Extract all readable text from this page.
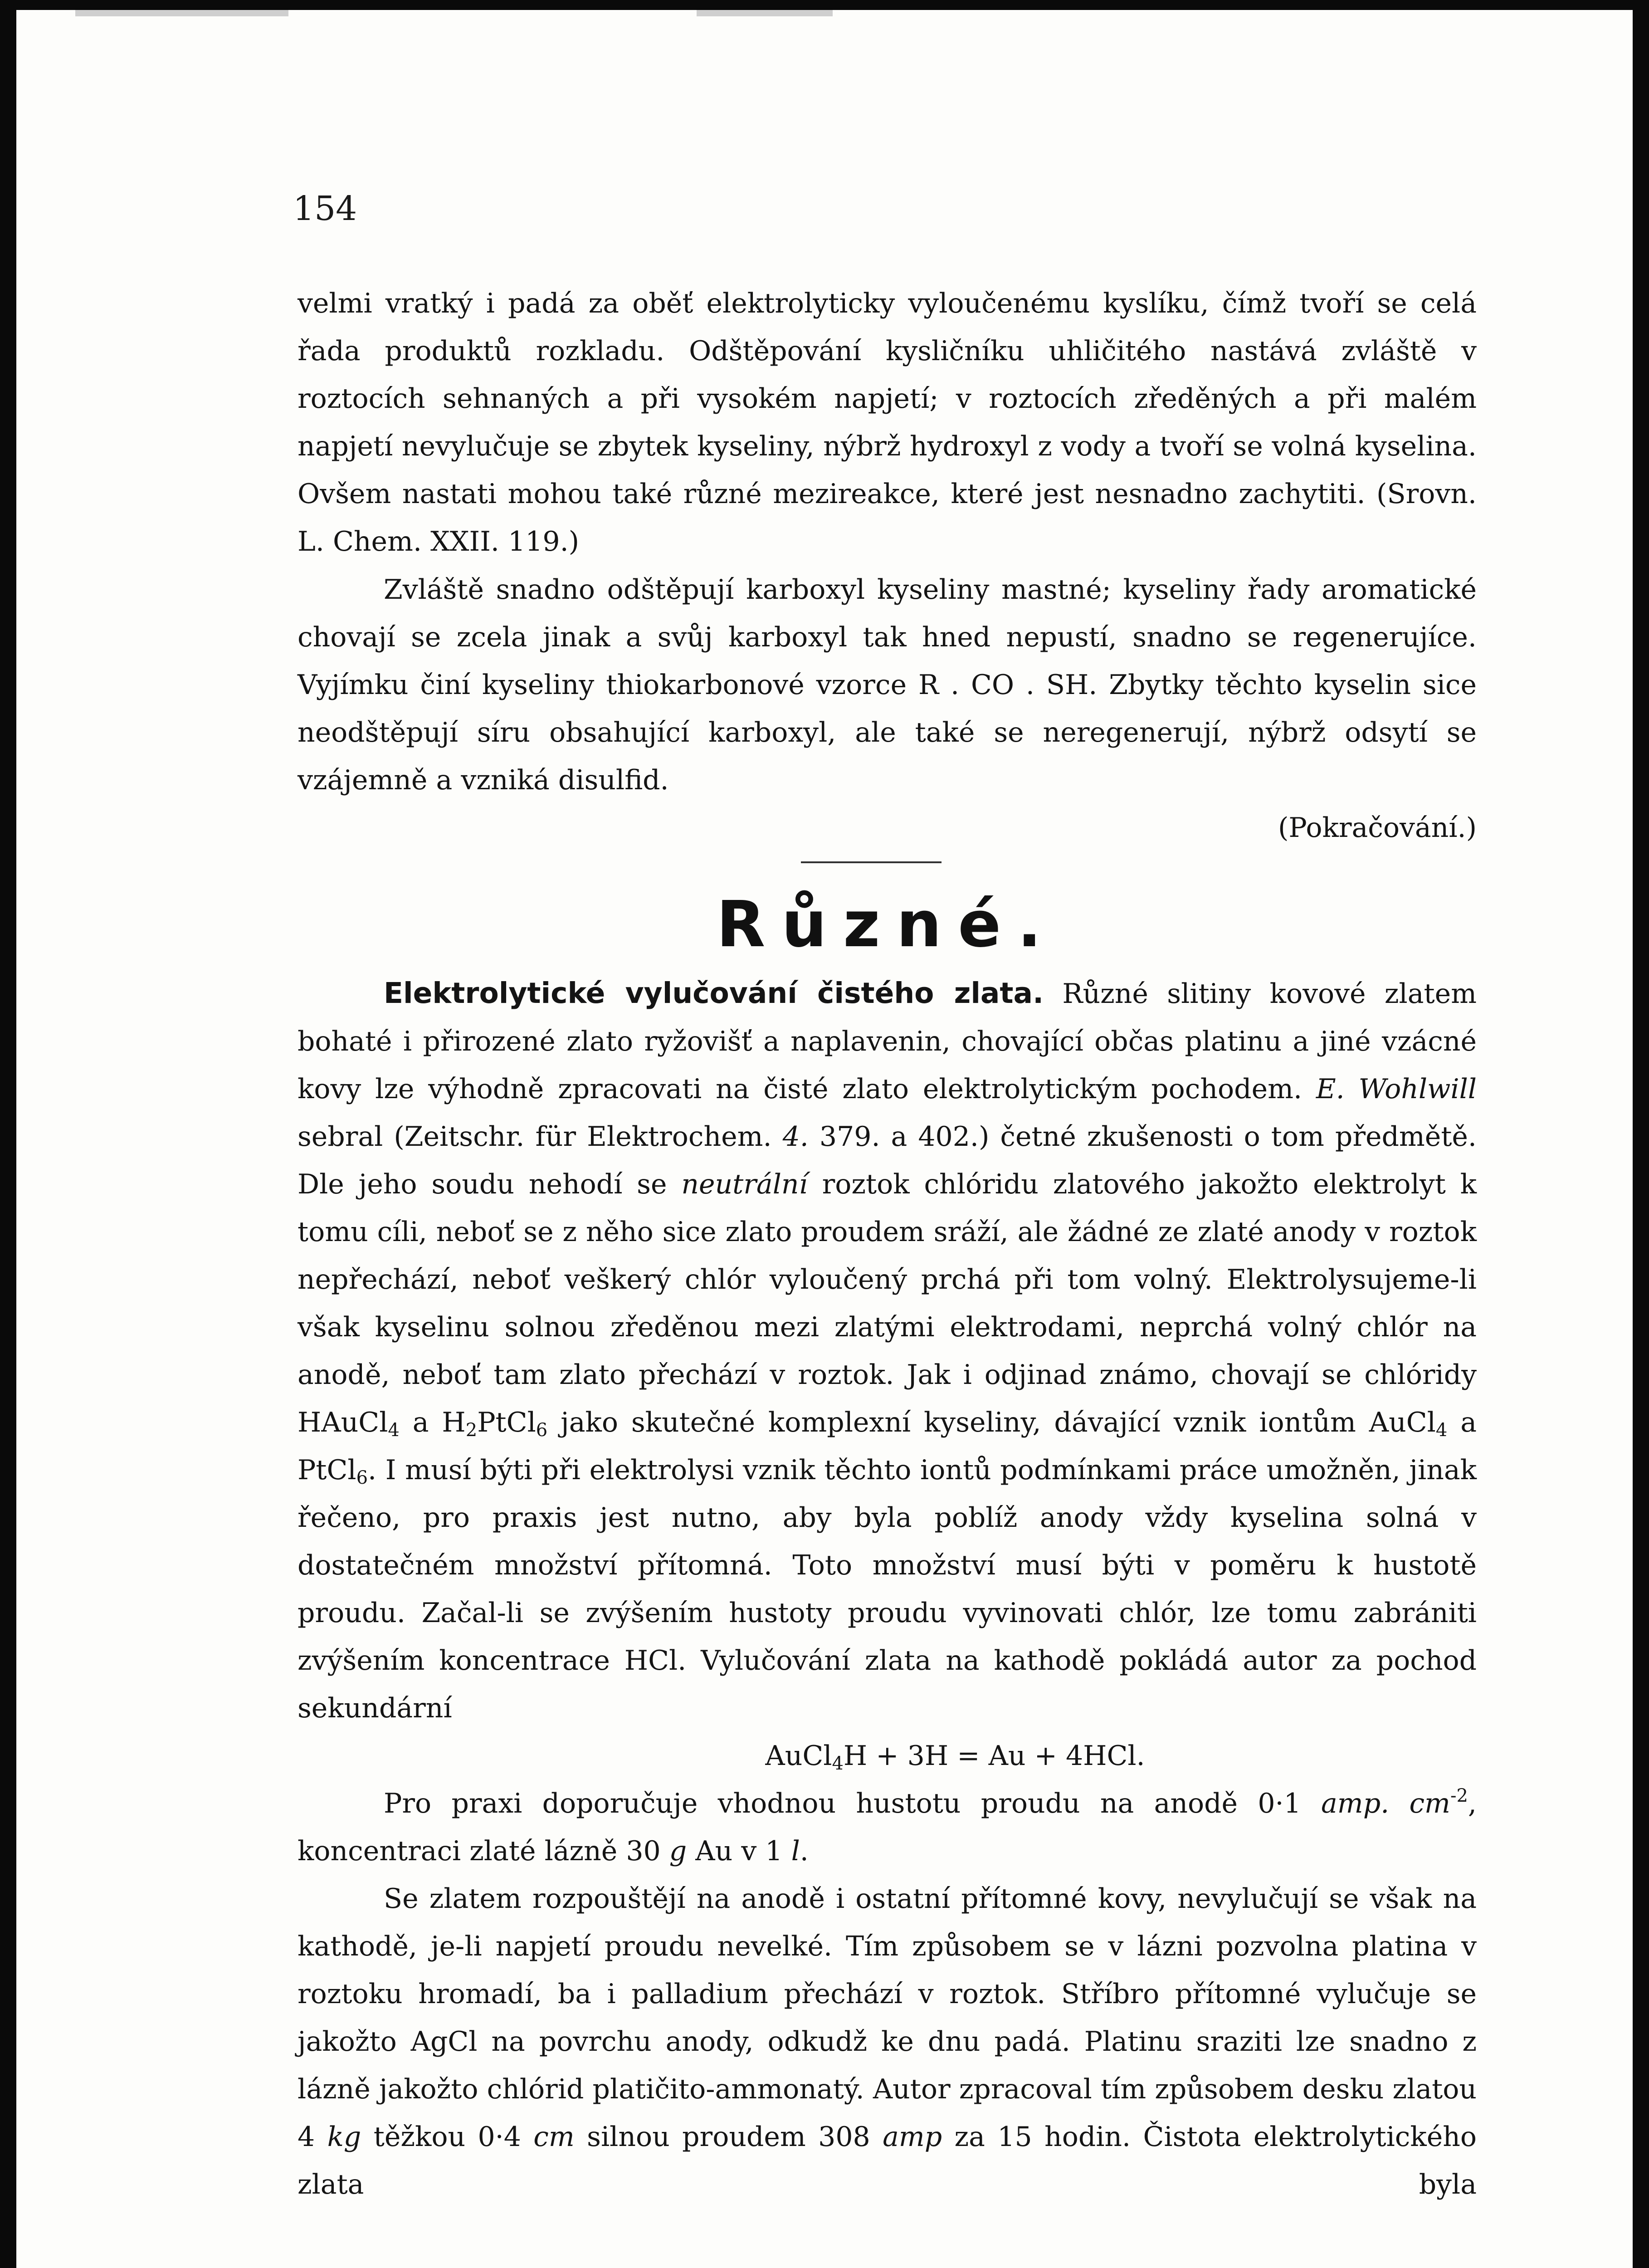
154

velmi vratký i padá za oběť elektrolyticky vyloučenému kyslíku, čímž tvoří se celá řada produktů rozkladu. Odštěpování kysličníku uhličitého nastává zvláště v roztocích sehnaných a při vysokém napjetí; v roztocích zředěných a při malém napjetí nevylučuje se zbytek kyseliny, nýbrž hydroxyl z vody a tvoří se volná kyselina. Ovšem nastati mohou také různé mezireakce, které jest nesnadno zachytiti. (Srovn. L. Chem. XXII. 119.)

Zvláště snadno odštěpují karboxyl kyseliny mastné; kyseliny řady aromatické chovají se zcela jinak a svůj karboxyl tak hned nepustí, snadno se regenerujíce. Vyjímku činí kyseliny thiokarbonové vzorce R . CO . SH. Zbytky těchto kyselin sice neodštěpují síru obsahující karboxyl, ale také se neregenerují, nýbrž odsytí se vzájemně a vzniká disulfid.

(Pokračování.)

Různé.

Elektrolytické vylučování čistého zlata. Různé slitiny kovové zlatem bohaté i přirozené zlato ryžovišť a naplavenin, chovající občas platinu a jiné vzácné kovy lze výhodně zpracovati na čisté zlato elektrolytickým pochodem. E. Wohlwill sebral (Zeitschr. für Elektrochem. 4. 379. a 402.) četné zkušenosti o tom předmětě. Dle jeho soudu nehodí se neutrální roztok chlóridu zlatového jakožto elektrolyt k tomu cíli, neboť se z něho sice zlato proudem sráží, ale žádné ze zlaté anody v roztok nepřechází, neboť veškerý chlór vyloučený prchá při tom volný. Elektrolysujeme-li však kyselinu solnou zředěnou mezi zlatými elektrodami, neprchá volný chlór na anodě, neboť tam zlato přechází v roztok. Jak i odjinad známo, chovají se chlóridy HAuCl$_4$ a $H_2PtCl_6$ jako skutečné komplexní kyseliny, dávající vznik iontům AuCl$_4$ a PtCl$_6$. I musí býti při elektrolysi vznik těchto iontů podmínkami práce umožněn, jinak řečeno, pro praxis jest nutno, aby byla poblíž anody vždy kyselina solná v dostatečném množství přítomná. Toto množství musí býti v poměru k hustotě proudu. Začal-li se zvýšením hustoty proudu vyvinovati chlór, lze tomu zabrániti zvýšením koncentrace HCl. Vylučování zlata na kathodě pokládá autor za pochod sekundární

AuCl$_4$H + 3H = Au + 4HCl.

Pro praxi doporučuje vhodnou hustotu proudu na anodě 0·1 amp. $cm^{-2}$, koncentraci zlaté lázně 30 g Au v 1 l.

Se zlatem rozpouštějí na anodě i ostatní přítomné kovy, nevylučují se však na kathodě, je-li napjetí proudu nevelké. Tím způsobem se v lázni pozvolna platina v roztoku hromadí, ba i palladium přechází v roztok. Stříbro přítomné vylučuje se jakožto AgCl na povrchu anody, odkudž ke dnu padá. Platinu sraziti lze snadno z lázně jakožto chlórid platičito-ammonatý. Autor zpracoval tím způsobem desku zlatou 4 kg těžkou 0·4 cm silnou proudem 308 amp za 15 hodin. Čistota elektrolytického zlata byla
